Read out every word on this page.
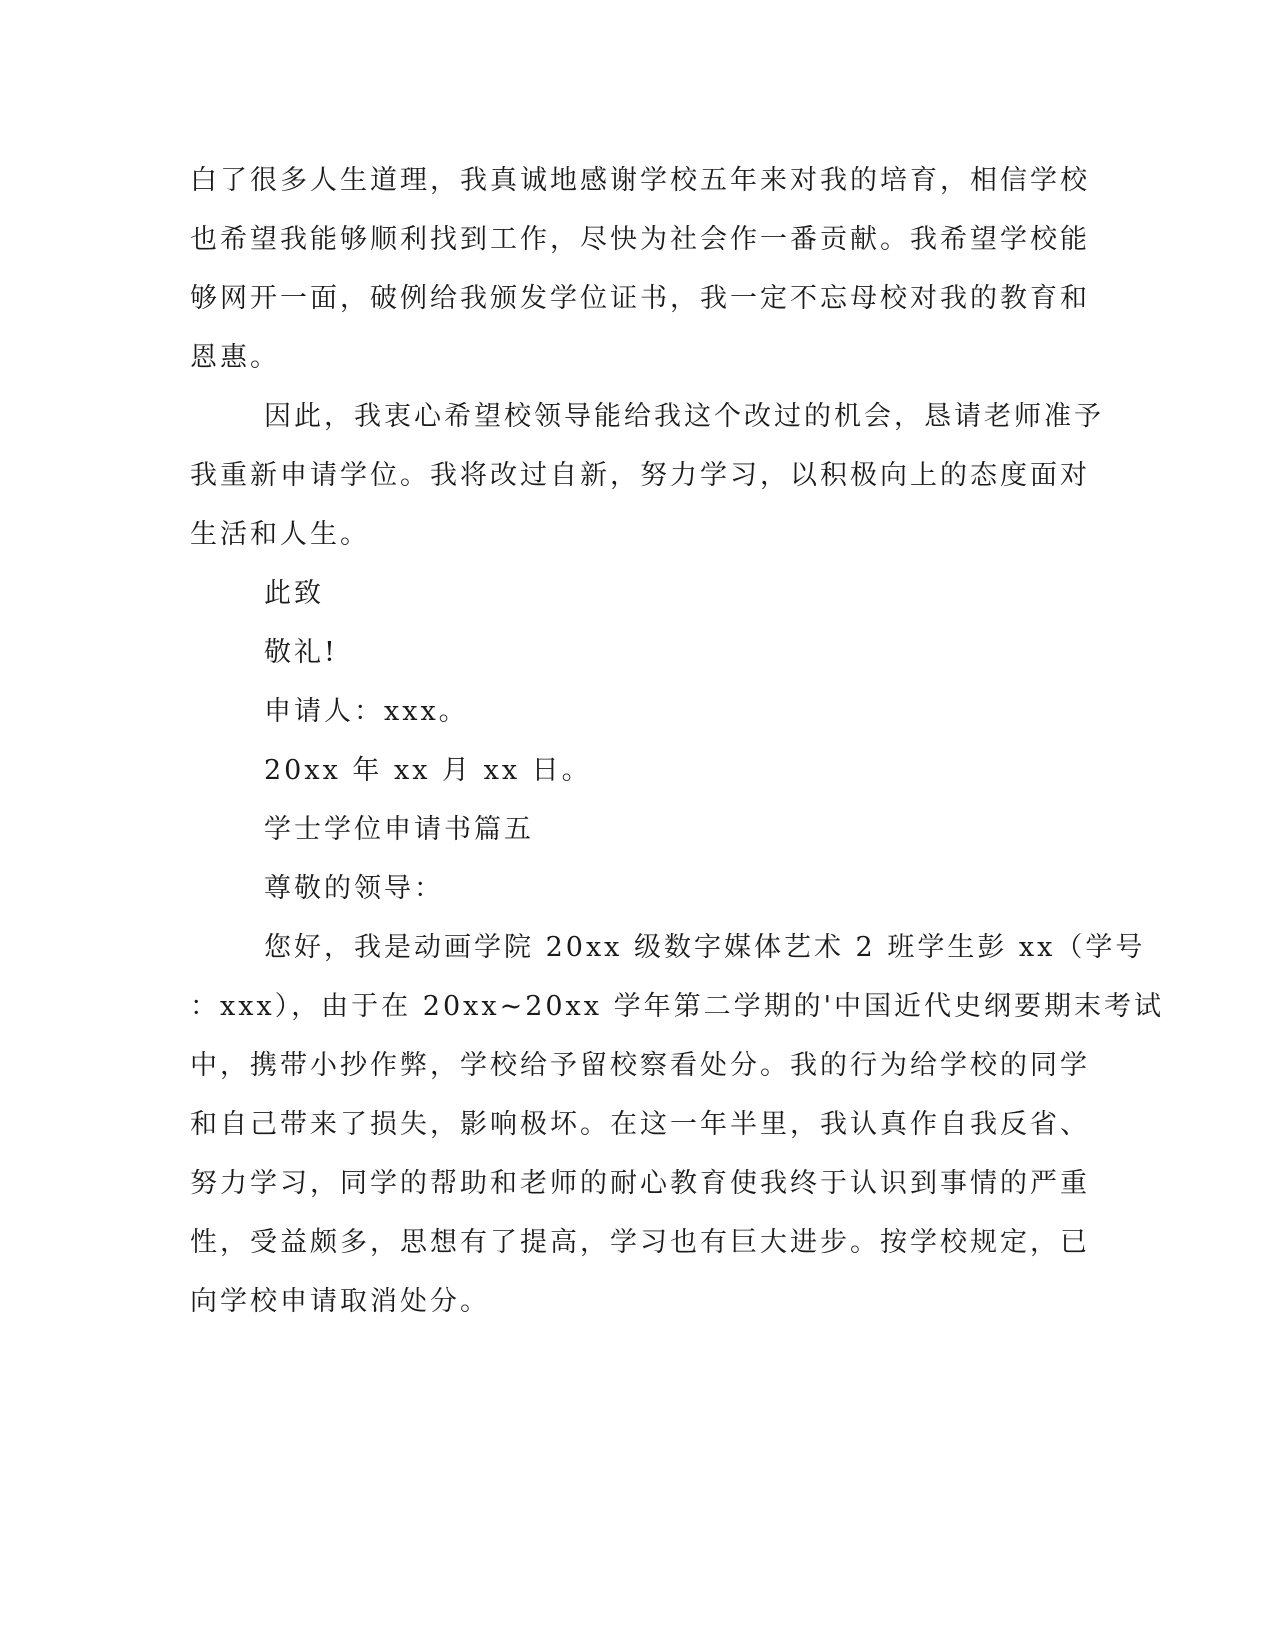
白了很多人生道理，我真诚地感谢学校五年来对我的培育，相信学校
也希望我能够顺利找到工作，尽快为社会作一番贡献。我希望学校能
够网开一面，破例给我颁发学位证书，我一定不忘母校对我的教育和
恩惠。
因此，我衷心希望校领导能给我这个改过的机会，恳请老师准予
我重新申请学位。我将改过自新，努力学习，以积极向上的态度面对
生活和人生。
此致
敬礼!
申请人：xxx。
20xx 年 xx 月 xx 日。
学士学位申请书篇五
尊敬的领导：
您好，我是动画学院 20xx 级数字媒体艺术 2 班学生彭 xx（学号
：xxx），由于在 20xx~20xx 学年第二学期的'中国近代史纲要期末考试
中，携带小抄作弊，学校给予留校察看处分。我的行为给学校的同学
和自己带来了损失，影响极坏。在这一年半里，我认真作自我反省、
努力学习，同学的帮助和老师的耐心教育使我终于认识到事情的严重
性，受益颇多，思想有了提高，学习也有巨大进步。按学校规定，已
向学校申请取消处分。
